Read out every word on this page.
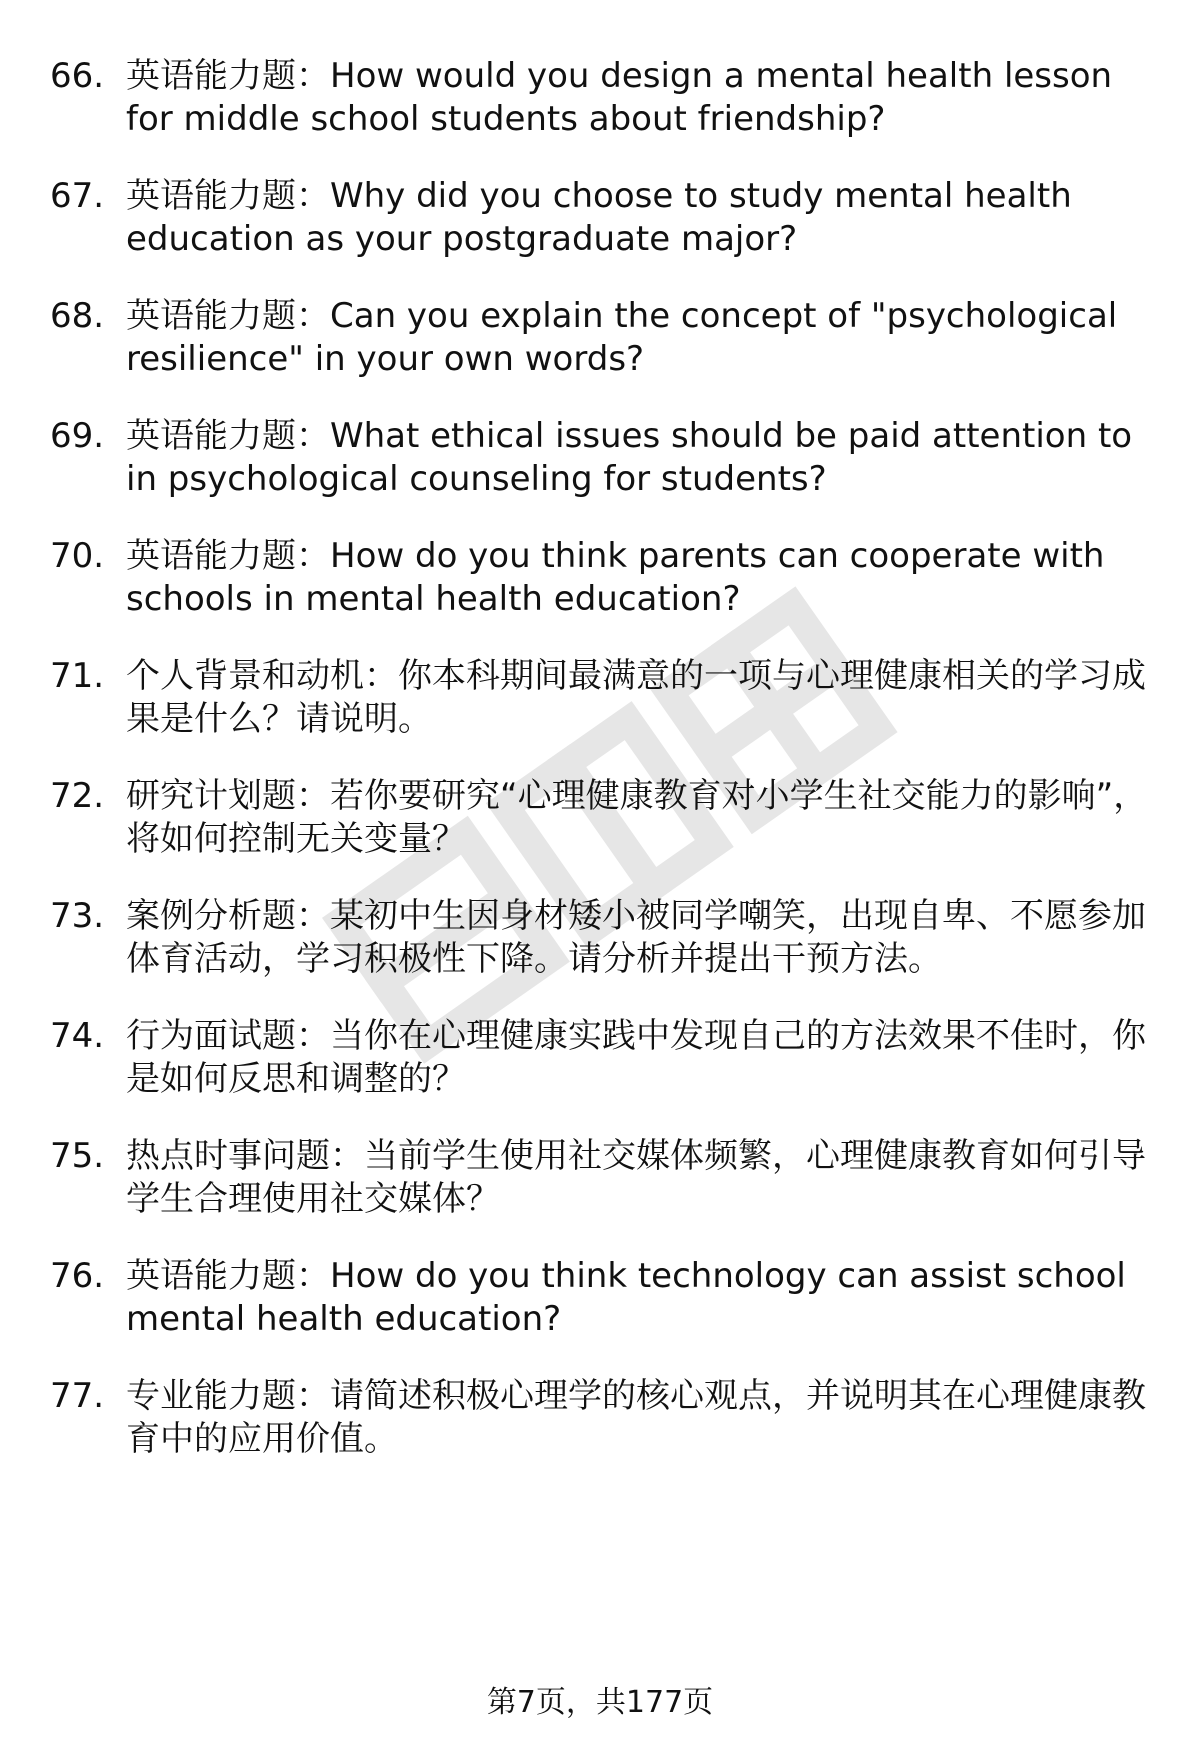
66. 英语能力题：How would you design a mental health lesson for middle school students about friendship?
67. 英语能力题：Why did you choose to study mental health education as your postgraduate major?
68. 英语能力题：Can you explain the concept of "psychological resilience" in your own words?
69. 英语能力题：What ethical issues should be paid attention to in psychological counseling for students?
70. 英语能力题：How do you think parents can cooperate with schools in mental health education?
71. 个人背景和动机：你本科期间最满意的一项与心理健康相关的学习成果是什么？请说明。
72. 研究计划题：若你要研究“心理健康教育对小学生社交能力的影响”，将如何控制无关变量？
73. 案例分析题：某初中生因身材矮小被同学嘲笑，出现自卑、不愿参加体育活动，学习积极性下降。请分析并提出干预方法。
74. 行为面试题：当你在心理健康实践中发现自己的方法效果不佳时，你是如何反思和调整的？
75. 热点时事问题：当前学生使用社交媒体频繁，心理健康教育如何引导学生合理使用社交媒体？
76. 英语能力题：How do you think technology can assist school mental health education?
77. 专业能力题：请简述积极心理学的核心观点，并说明其在心理健康教育中的应用价值。
第7页，共177页
